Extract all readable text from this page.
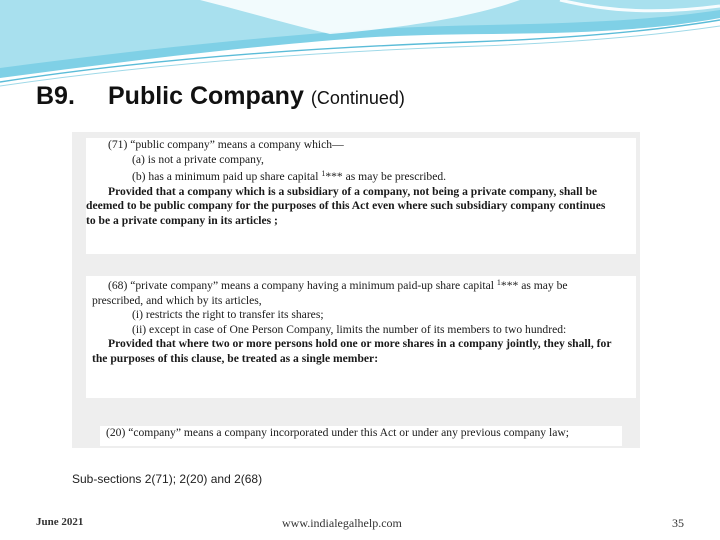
B9. Public Company (Continued)

(71) “public company” means a company which—

(a) is not a private company,

(b) has a minimum paid up share capital $^1$*** as may be prescribed.

Provided that a company which is a subsidiary of a company, not being a private company, shall be

deemed to be public company for the purposes of this Act even where such subsidiary company continues

to be a private company in its articles ;

(68) “private company” means a company having a minimum paid-up share capital $^1$*** as may be

prescribed, and which by its articles,

(i) restricts the right to transfer its shares;

(ii) except in case of One Person Company, limits the number of its members to two hundred:

Provided that where two or more persons hold one or more shares in a company jointly, they shall, for

the purposes of this clause, be treated as a single member:

(20) “company” means a company incorporated under this Act or under any previous company law;

Sub-sections 2(71); 2(20) and 2(68)
June 2021	www.indialegalhelp.com	35
